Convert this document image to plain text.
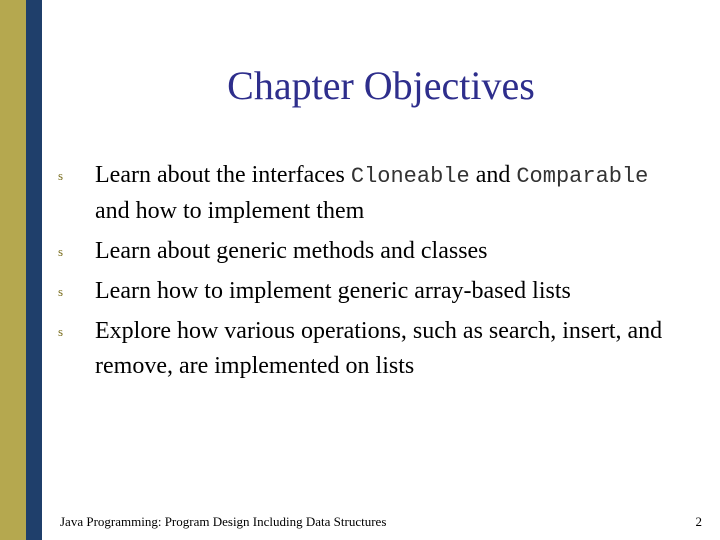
Chapter Objectives
s Learn about the interfaces Cloneable and Comparable and how to implement them
s Learn about generic methods and classes
s Learn how to implement generic array-based lists
s Explore how various operations, such as search, insert, and remove, are implemented on lists
Java Programming: Program Design Including Data Structures	2
